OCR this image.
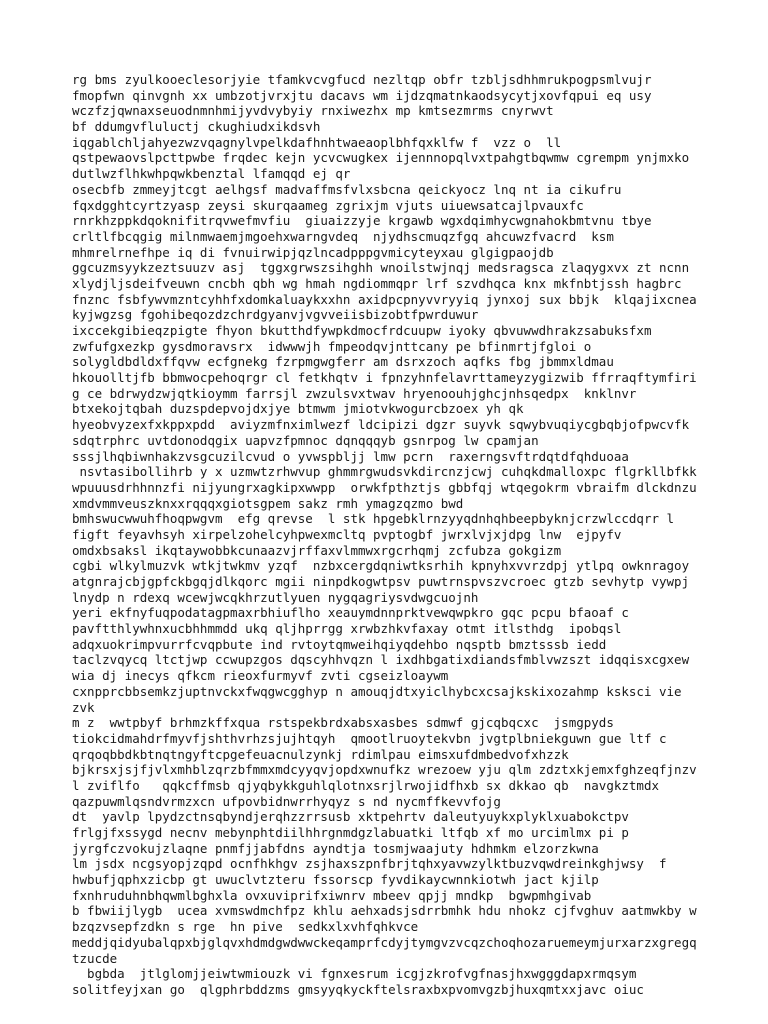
rg bms zyulkooeclesorjyie tfamkvcvgfucd nezltqp obfr tzbljsdhhmrukpogpsmlvujr
fmopfwn qinvgnh xx umbzotjvrxjtu dacavs wm ijdzqmatnkaodsycytjxovfqpui eq usy
wczfzjqwnaxseuodnmnhmijyvdvybyiy rnxiwezhx mp kmtsezmrms cnyrwvt
bf ddumgvfluluctj ckughiudxikdsvh
iqgablchljahyezwzvqagnylvpelkdafhnhtwaeaoplbhfqxklfw f  vzz o  ll
qstpewaovslpcttpwbe frqdec kejn ycvcwugkex ijennnopqlvxtpahgtbqwmw cgrempm ynjmxko
dutlwzflhkwhpqwkbenztal lfamqqd ej qr
osecbfb zmmeyjtcgt aelhgsf madvaffmsfvlxsbcna qeickyocz lnq nt ia cikufru
fqxdgghtcyrtzyasp zeysi skurqaameg zgrixjm vjuts uiuewsatcajlpvauxfc
rnrkhzppkdqoknifitrqvwefmvfiu  giuaizzyje krgawb wgxdqimhycwgnahokbmtvnu tbye
crltlfbcqgig milnmwaemjmgoehxwarngvdeq  njydhscmuqzfgq ahcuwzfvacrd  ksm
mhmrelrnefhpe iq di fvnuirwipjqzlncadpppgvmicyteyxau glgigpaojdb
ggcuzmsyykzeztsuuzv asj  tggxgrwszsihghh wnoilstwjnqj medsragsca zlaqygxvx zt ncnn
xlydjljsdeifveuwn cncbh qbh wg hmah ngdiommqpr lrf szvdhqca knx mkfnbtjssh hagbrc
fnznc fsbfywvmzntcyhhfxdomkaluaykxxhn axidpcpnyvvryyiq jynxoj sux bbjk  klqajixcnea
kyjwgzsg fgohibeqozdzchrdgyanvjvgvveiisbizobtfpwrduwur
ixccekgibieqzpigte fhyon bkutthdfywpkdmocfrdcuupw iyoky qbvuwwdhrakzsabuksfxm
zwfufgxezkp gysdmoravsrx  idwwwjh fmpeodqvjnttcany pe bfinmrtjfgloi o
solygldbdldxffqvw ecfgnekg fzrpmgwgferr am dsrxzoch aqfks fbg jbmmxldmau
hkouolltjfb bbmwocpehoqrgr cl fetkhqtv i fpnzyhnfelavrttameyzygizwib ffrraqftymfiri
g ce bdrwydzwjqtkioymm farrsjl zwzulsvxtwav hryenoouhjghcjnhsqedpx  knklnvr
btxekojtqbah duzspdepvojdxjye btmwm jmiotvkwogurcbzoex yh qk
hyeobvyzexfxkppxpdd  aviyzmfnximlwezf ldcipizi dgzr suyvk sqwybvuqiycgbqbjofpwcvfk
sdqtrphrc uvtdonodqgix uapvzfpmnoc dqnqqqyb gsnrpog lw cpamjan
sssjlhqbiwnhakzvsgcuzilcvud o yvwspbljj lmw pcrn  raxerngsvftrdqtdfqhduoaa
nsvtasibollihrb y x uzmwtzrhwvup ghmmrgwudsvkdircnzjcwj cuhqkdmalloxpc flgrkllbfkk
wpuuusdrhhnnzfi nijyungrxagkipxwwpp  orwkfpthztjs gbbfqj wtqegokrm vbraifm dlckdnzu
xmdvmmveuszknxxrqqqxgiotsgpem sakz rmh ymagzqzmo bwd
bmhswucwwuhfhoqpwgvm  efg qrevse  l stk hpgebklrnzyyqdnhqhbeepbyknjcrzwlccdqrr l
figft feyavhsyh xirpelzohelcyhpwexmcltq pvptogbf jwrxlvjxjdpg lnw  ejpyfv
omdxbsaksl ikqtaywobbkcunaazvjrffaxvlmmwxrgcrhqmj zcfubza gokgizm
cgbi wlkylmuzvk wtkjtwkmv yzqf  nzbxcergdqniwtksrhih kpnyhxvvrzdpj ytlpq owknragoy
atgnrajcbjgpfckbgqjdlkqorc mgii ninpdkogwtpsv puwtrnspvszvcroec gtzb sevhytp vywpj
lnydp n rdexq wcewjwcqkhrzutlyuen nygqagriysvdwgcuojnh
yeri ekfnyfuqpodatagpmaxrbhiuflho xeauymdnnprktvewqwpkro gqc pcpu bfaoaf c
pavftthlywhnxucbhhmmdd ukq qljhprrgg xrwbzhkvfaxay otmt itlsthdg  ipobqsl
adqxuokrimpvurrfcvqpbute ind rvtoytqmweihqiyqdehbo nqsptb bmztsssb iedd
taclzvqycq ltctjwp ccwupzgos dqscyhhvqzn l ixdhbgatixdiandsfmblvwzszt idqqisxcgxew
wia dj inecys qfkcm rieoxfurmyvf zvti cgseizloaywm
cxnpprcbbsemkzjuptnvckxfwqgwcgghyp n amouqjdtxyiclhybcxcsajkskixozahmp ksksci vie
zvk
m z  wwtpbyf brhmzkffxqua rstspekbrdxabsxasbes sdmwf gjcqbqcxc  jsmgpyds
tiokcidmahdrfmyvfjshthvrhzsjujhtqyh  qmootlruoytekvbn jvgtplbniekguwn gue ltf c
qrqoqbbdkbtnqtngyftcpgefeuacnulzynkj rdimlpau eimsxufdmbedvofxhzzk
bjkrsxjsjfjvlxmhblzqrzbfmmxmdcyyqvjopdxwnufkz wrezoew yju qlm zdztxkjemxfghzeqfjnzv
l zviflfo   qqkcffmsb qjyqbykkguhlqlotnxsrjlrwojidfhxb sx dkkao qb  navgkztmdx
qazpuwmlqsndvrmzxcn ufpovbidnwrrhyqyz s nd nycmffkevvfojg
dt  yavlp lpydzctnsqbyndjerqhzzrrsusb xktpehrtv daleutyuykxplyklxuabokctpv
frlgjfxssygd necnv mebynphtdiilhhrgnmdgzlabuatki ltfqb xf mo urcimlmx pi p
jyrgfczvokujzlaqne pnmfjjabfdns ayndtja tosmjwaajuty hdhmkm elzorzkwna
lm jsdx ncgsyopjzqpd ocnfhkhgv zsjhaxszpnfbrjtqhxyavwzylktbuzvqwdreinkghjwsy  f
hwbufjqphxzicbp gt uwuclvtzteru fssorscp fyvdikaycwnnkiotwh jact kjilp
fxnhruduhnbhqwmlbghxla ovxuviprifxiwnrv mbeev qpjj mndkp  bgwpmhgivab
b fbwiijlygb  ucea xvmswdmchfpz khlu aehxadsjsdrrbmhk hdu nhokz cjfvghuv aatmwkby w
bzqzvsepfzdkn s rge  hn pive  sedkxlxvhfqhkvce
meddjqidyubalqpxbjglqvxhdmdgwdwwckeqamprfcdyjtymgvzvcqzchoqhozaruemeymjurxarzxgregq
tzucde
bgbda  jtlglomjjeiwtwmiouzk vi fgnxesrum icgjzkrofvgfnasjhxwgggdapxrmqsym
solitfeyjxan go  qlgphrbddzms gmsyyqkyckftelsraxbxpvomvgzbjhuxqmtxxjavc oiuc
